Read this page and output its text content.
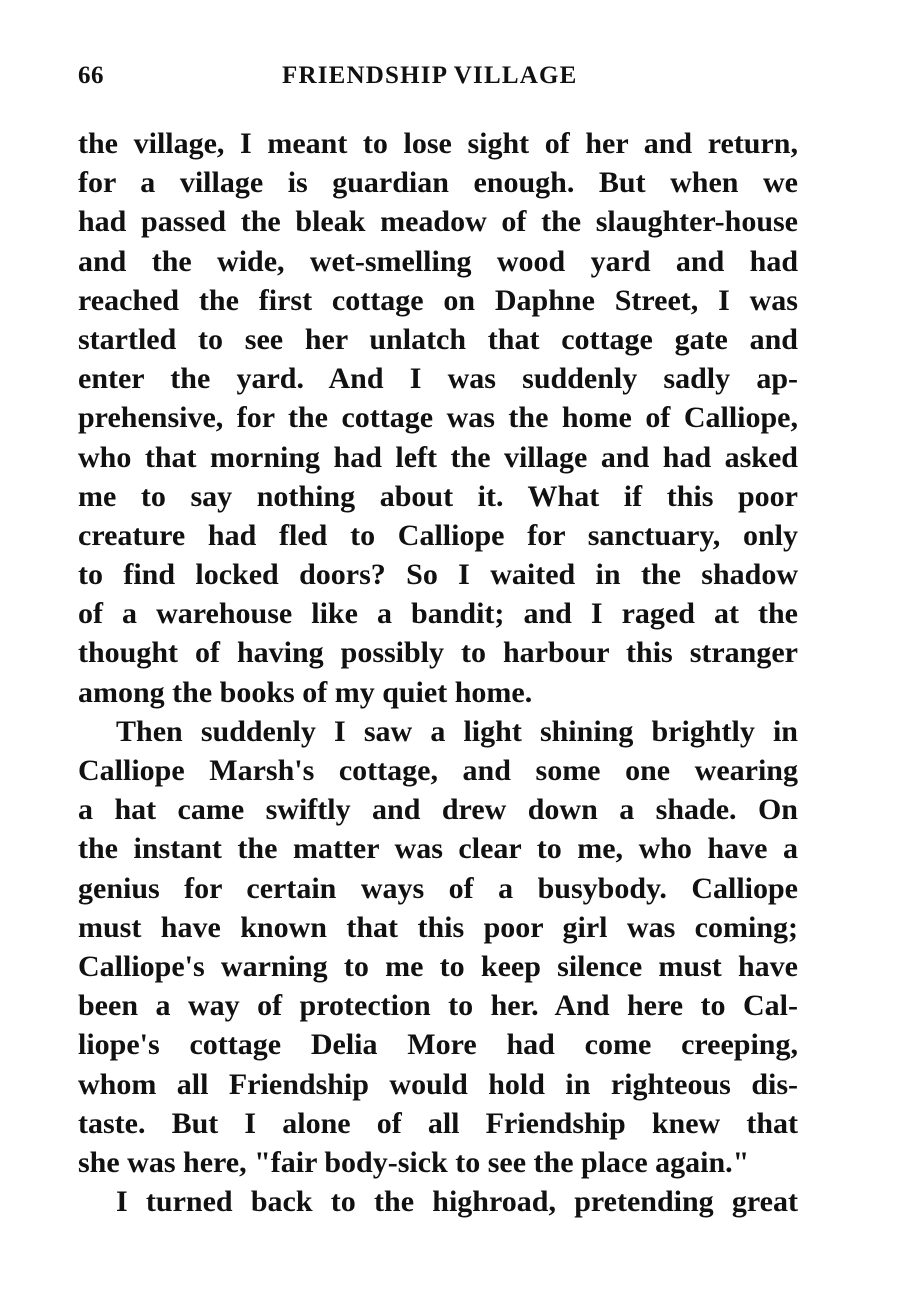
66	FRIENDSHIP VILLAGE
the village, I meant to lose sight of her and return,
for a village is guardian enough. But when we
had passed the bleak meadow of the slaughter-house
and the wide, wet-smelling wood yard and had
reached the first cottage on Daphne Street, I was
startled to see her unlatch that cottage gate and
enter the yard. And I was suddenly sadly ap-
prehensive, for the cottage was the home of Calliope,
who that morning had left the village and had asked
me to say nothing about it. What if this poor
creature had fled to Calliope for sanctuary, only
to find locked doors? So I waited in the shadow
of a warehouse like a bandit; and I raged at the
thought of having possibly to harbour this stranger
among the books of my quiet home.
Then suddenly I saw a light shining brightly in
Calliope Marsh's cottage, and some one wearing
a hat came swiftly and drew down a shade. On
the instant the matter was clear to me, who have a
genius for certain ways of a busybody. Calliope
must have known that this poor girl was coming;
Calliope's warning to me to keep silence must have
been a way of protection to her. And here to Cal-
liope's cottage Delia More had come creeping,
whom all Friendship would hold in righteous dis-
taste. But I alone of all Friendship knew that
she was here, "fair body-sick to see the place again."
I turned back to the highroad, pretending great
